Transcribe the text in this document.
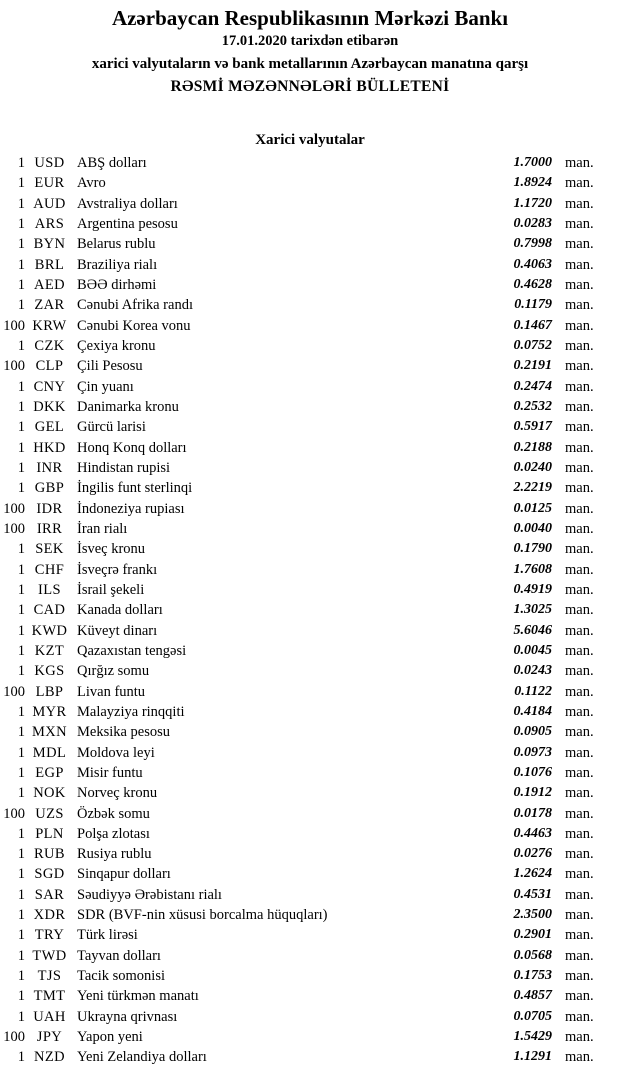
Azərbaycan Respublikasının Mərkəzi Bankı
17.01.2020 tarixdən etibarən
xarici valyutaların və bank metallarının Azərbaycan manatına qarşı
RƏSMİ MƏZƏNNƏLƏRİ BÜLLETENİ
Xarici valyutalar
1 USD ABŞ dolları	1.7000 man.
1 EUR Avro	1.8924 man.
1 AUD Avstraliya dolları	1.1720 man.
1 ARS Argentina pesosu	0.0283 man.
1 BYN Belarus rublu	0.7998 man.
1 BRL Braziliya rialı	0.4063 man.
1 AED BƏƏ dirhəmi	0.4628 man.
1 ZAR Cənubi Afrika randı	0.1179 man.
100 KRW Cənubi Korea vonu	0.1467 man.
1 CZK Çexiya kronu	0.0752 man.
100 CLP Çili Pesosu	0.2191 man.
1 CNY Çin yuanı	0.2474 man.
1 DKK Danimarka kronu	0.2532 man.
1 GEL Gürcü larisi	0.5917 man.
1 HKD Honq Konq dolları	0.2188 man.
1 INR Hindistan rupisi	0.0240 man.
1 GBP İngilis funt sterlinqi	2.2219 man.
100 IDR İndoneziya rupiası	0.0125 man.
100 IRR	İran rialı	0.0040 man.
1 SEK İsveç kronu	0.1790 man.
1 CHF İsveçrə frankı	1.7608 man.
1 ILS	İsrail şekeli	0.4919 man.
1 CAD Kanada dolları	1.3025 man.
1 KWD Küveyt dinarı	5.6046 man.
1 KZT Qazaxıstan tengəsi	0.0045 man.
1 KGS Qırğız somu	0.0243 man.
100 LBP Livan funtu	0.1122 man.
1 MYR Malayziya rinqqiti	0.4184 man.
1 MXN Meksika pesosu	0.0905 man.
1 MDL Moldova leyi	0.0973 man.
1 EGP Misir funtu	0.1076 man.
1 NOK Norveç kronu	0.1912 man.
100 UZS Özbək somu	0.0178 man.
1 PLN Polşa zlotası	0.4463 man.
1 RUB Rusiya rublu	0.0276 man.
1 SGD Sinqapur dolları	1.2624 man.
1 SAR Səudiyyə Ərəbistanı rialı	0.4531 man.
1 XDR SDR (BVF-nin xüsusi borcalma hüquqları)	2.3500 man.
1 TRY Türk lirəsi	0.2901 man.
1 TWD Tayvan dolları	0.0568 man.
1 TJS	Tacik somonisi	0.1753 man.
1 TMT Yeni türkmən manatı	0.4857 man.
1 UAH Ukrayna qrivnası	0.0705 man.
100 JPY	Yapon yeni	1.5429 man.
1 NZD Yeni Zelandiya dolları	1.1291 man.
